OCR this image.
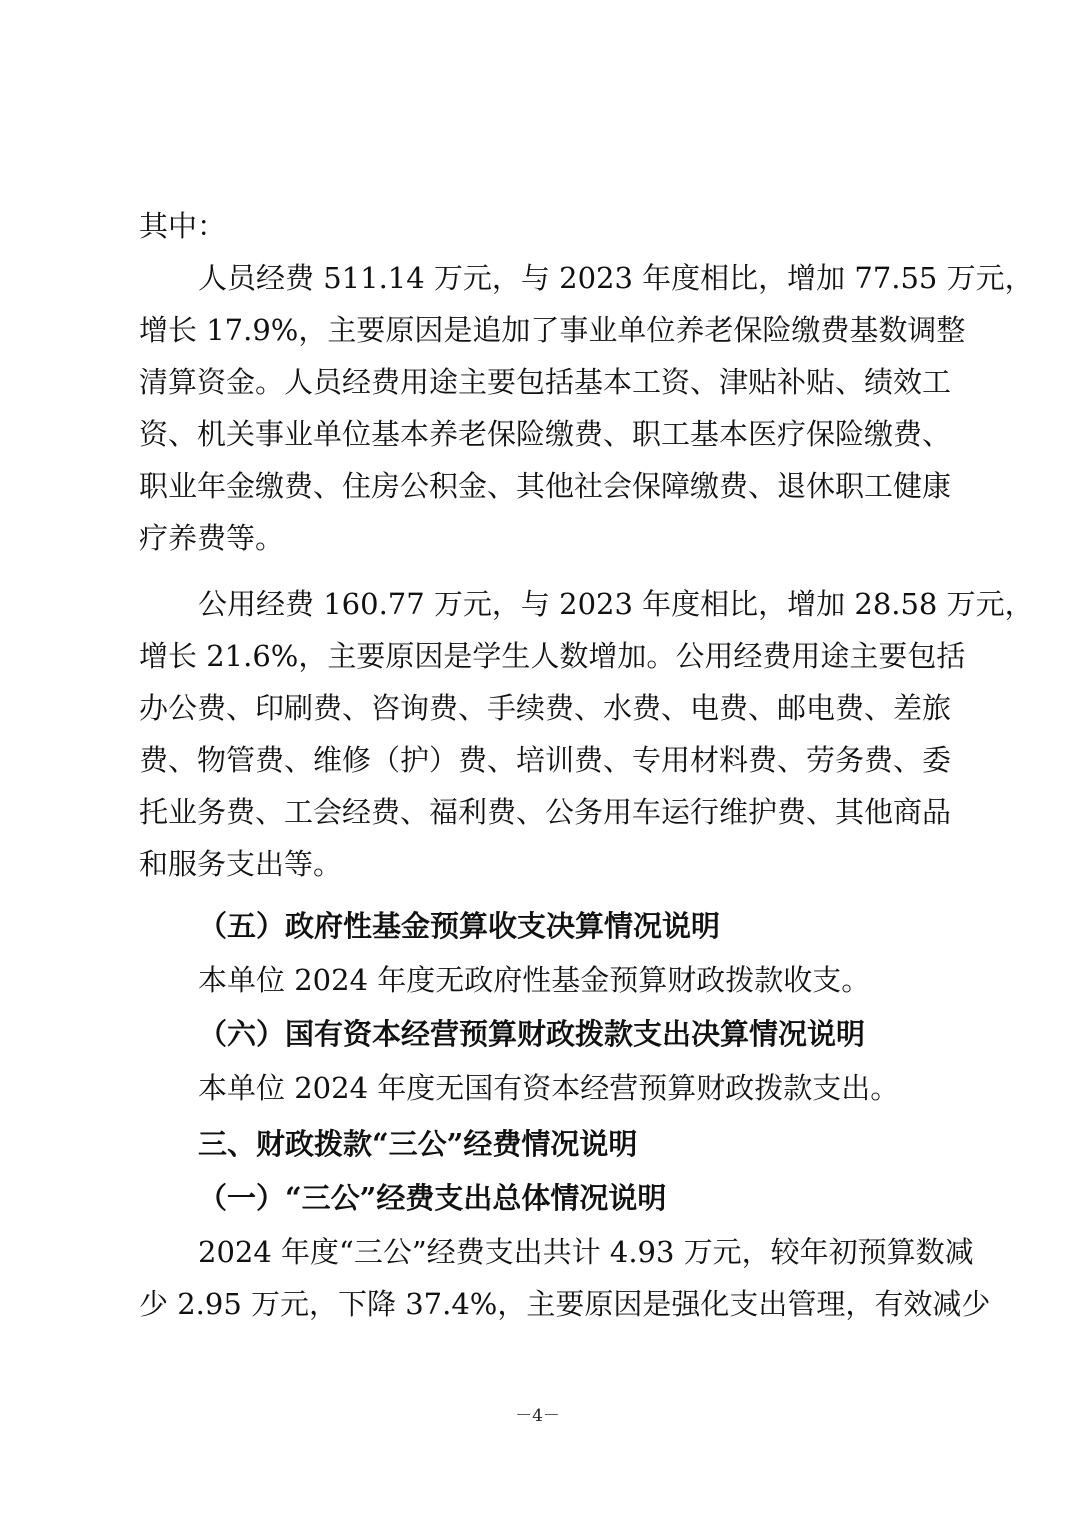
其中：
人员经费 511.14 万元，与 2023 年度相比，增加 77.55 万元，
增长 17.9%，主要原因是追加了事业单位养老保险缴费基数调整
清算资金。人员经费用途主要包括基本工资、津贴补贴、绩效工
资、机关事业单位基本养老保险缴费、职工基本医疗保险缴费、
职业年金缴费、住房公积金、其他社会保障缴费、退休职工健康
疗养费等。
公用经费 160.77 万元，与 2023 年度相比，增加 28.58 万元，
增长 21.6%，主要原因是学生人数增加。公用经费用途主要包括
办公费、印刷费、咨询费、手续费、水费、电费、邮电费、差旅
费、物管费、维修（护）费、培训费、专用材料费、劳务费、委
托业务费、工会经费、福利费、公务用车运行维护费、其他商品
和服务支出等。
（五）政府性基金预算收支决算情况说明
本单位 2024 年度无政府性基金预算财政拨款收支。
（六）国有资本经营预算财政拨款支出决算情况说明
本单位 2024 年度无国有资本经营预算财政拨款支出。
三、财政拨款“三公”经费情况说明
（一）“三公”经费支出总体情况说明
2024 年度“三公”经费支出共计 4.93 万元，较年初预算数减
少 2.95 万元，下降 37.4%，主要原因是强化支出管理，有效减少
－4－
